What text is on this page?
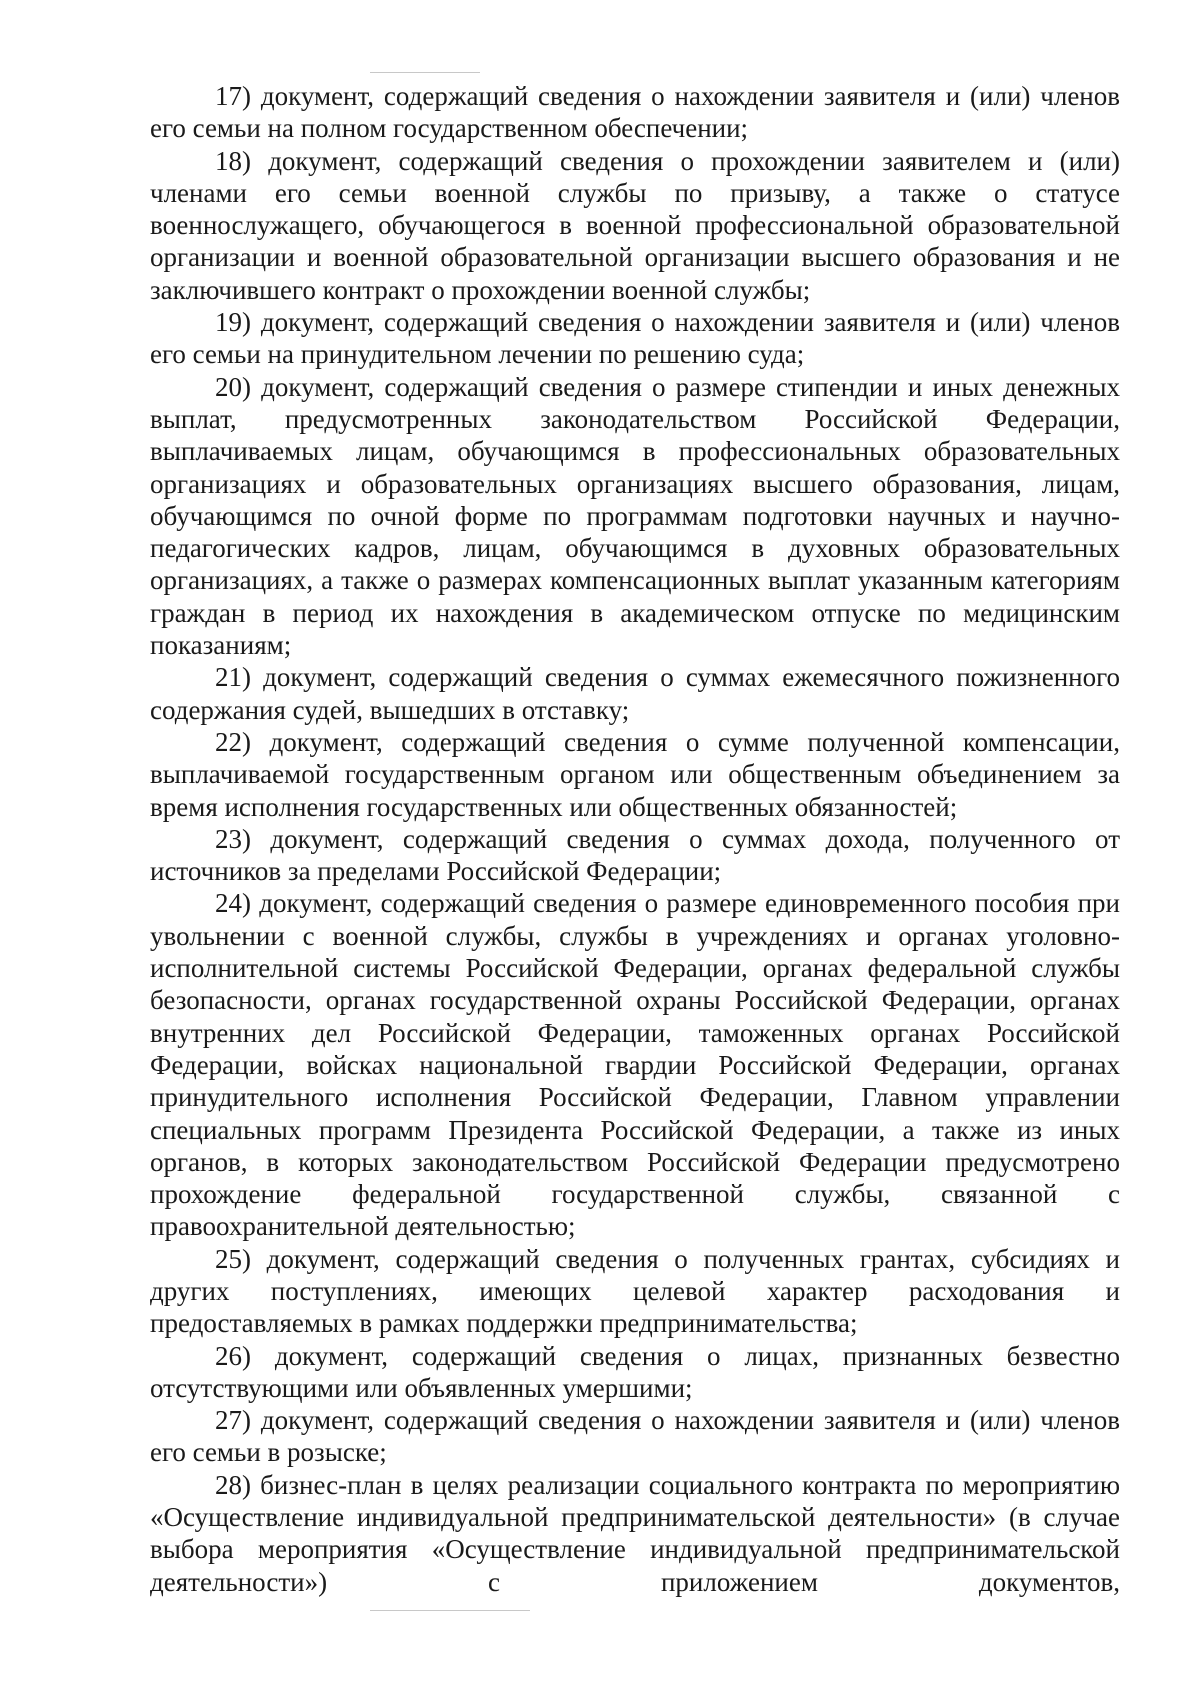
17) документ, содержащий сведения о нахождении заявителя и (или) членов его семьи на полном государственном обеспечении;

18) документ, содержащий сведения о прохождении заявителем и (или) членами его семьи военной службы по призыву, а также о статусе военнослужащего, обучающегося в военной профессиональной образовательной организации и военной образовательной организации высшего образования и не заключившего контракт о прохождении военной службы;

19) документ, содержащий сведения о нахождении заявителя и (или) членов его семьи на принудительном лечении по решению суда;

20) документ, содержащий сведения о размере стипендии и иных денежных выплат, предусмотренных законодательством Российской Федерации, выплачиваемых лицам, обучающимся в профессиональных образовательных организациях и образовательных организациях высшего образования, лицам, обучающимся по очной форме по программам подготовки научных и научно-педагогических кадров, лицам, обучающимся в духовных образовательных организациях, а также о размерах компенсационных выплат указанным категориям граждан в период их нахождения в академическом отпуске по медицинским показаниям;

21) документ, содержащий сведения о суммах ежемесячного пожизненного содержания судей, вышедших в отставку;

22) документ, содержащий сведения о сумме полученной компенсации, выплачиваемой государственным органом или общественным объединением за время исполнения государственных или общественных обязанностей;

23) документ, содержащий сведения о суммах дохода, полученного от источников за пределами Российской Федерации;

24) документ, содержащий сведения о размере единовременного пособия при увольнении с военной службы, службы в учреждениях и органах уголовно-исполнительной системы Российской Федерации, органах федеральной службы безопасности, органах государственной охраны Российской Федерации, органах внутренних дел Российской Федерации, таможенных органах Российской Федерации, войсках национальной гвардии Российской Федерации, органах принудительного исполнения Российской Федерации, Главном управлении специальных программ Президента Российской Федерации, а также из иных органов, в которых законодательством Российской Федерации предусмотрено прохождение федеральной государственной службы, связанной с правоохранительной деятельностью;

25) документ, содержащий сведения о полученных грантах, субсидиях и других поступлениях, имеющих целевой характер расходования и предоставляемых в рамках поддержки предпринимательства;

26) документ, содержащий сведения о лицах, признанных безвестно отсутствующими или объявленных умершими;

27) документ, содержащий сведения о нахождении заявителя и (или) членов его семьи в розыске;

28) бизнес-план в целях реализации социального контракта по мероприятию «Осуществление индивидуальной предпринимательской деятельности» (в случае выбора мероприятия «Осуществление индивидуальной предпринимательской деятельности») с приложением документов,
